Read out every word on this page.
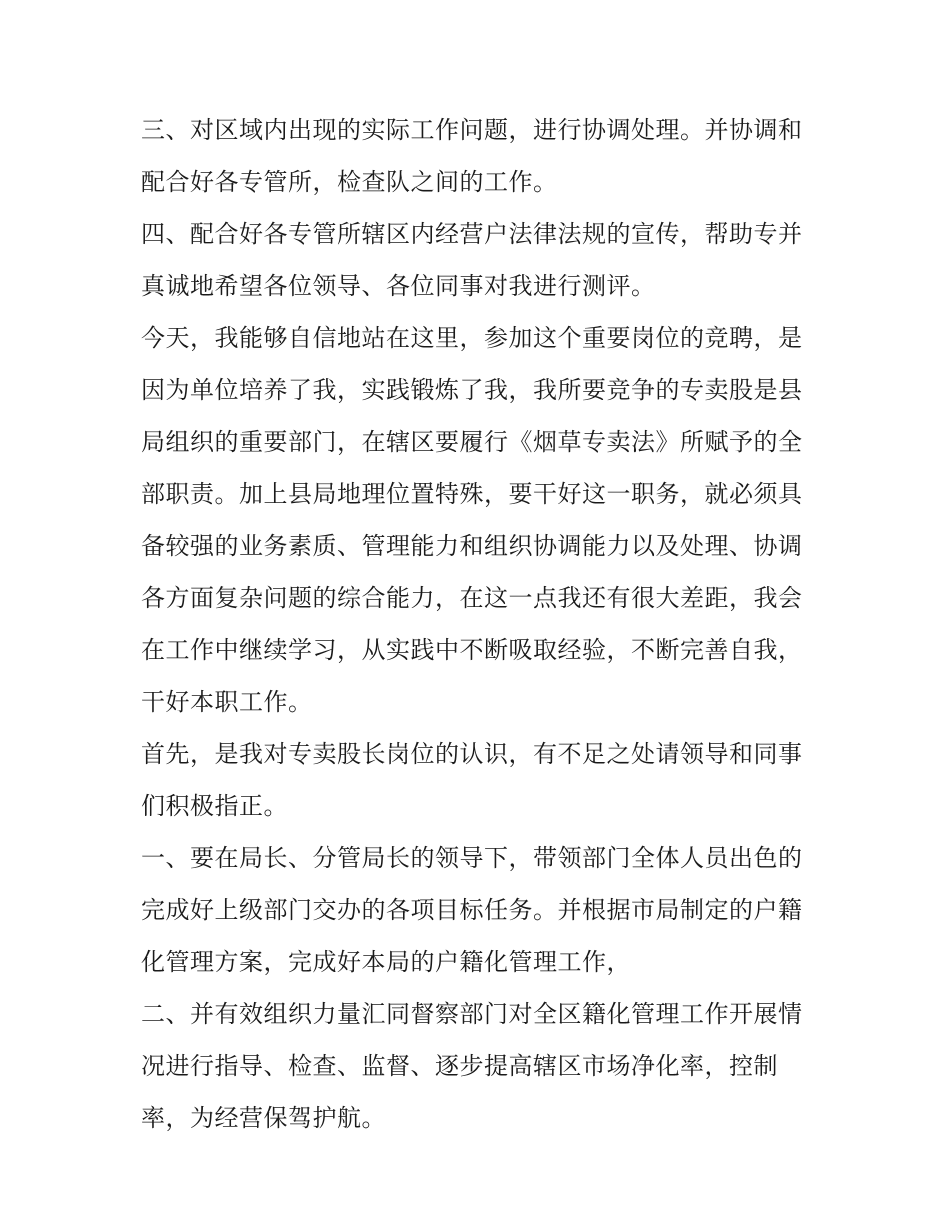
三、对区域内出现的实际工作问题，进行协调处理。并协调和
配合好各专管所，检查队之间的工作。
四、配合好各专管所辖区内经营户法律法规的宣传，帮助专并
真诚地希望各位领导、各位同事对我进行测评。
今天，我能够自信地站在这里，参加这个重要岗位的竞聘，是
因为单位培养了我，实践锻炼了我，我所要竞争的专卖股是县
局组织的重要部门，在辖区要履行《烟草专卖法》所赋予的全
部职责。加上县局地理位置特殊，要干好这一职务，就必须具
备较强的业务素质、管理能力和组织协调能力以及处理、协调
各方面复杂问题的综合能力，在这一点我还有很大差距，我会
在工作中继续学习，从实践中不断吸取经验，不断完善自我，
干好本职工作。
首先，是我对专卖股长岗位的认识，有不足之处请领导和同事
们积极指正。
一、要在局长、分管局长的领导下，带领部门全体人员出色的
完成好上级部门交办的各项目标任务。并根据市局制定的户籍
化管理方案，完成好本局的户籍化管理工作，
二、并有效组织力量汇同督察部门对全区籍化管理工作开展情
况进行指导、检查、监督、逐步提高辖区市场净化率，控制
率，为经营保驾护航。
